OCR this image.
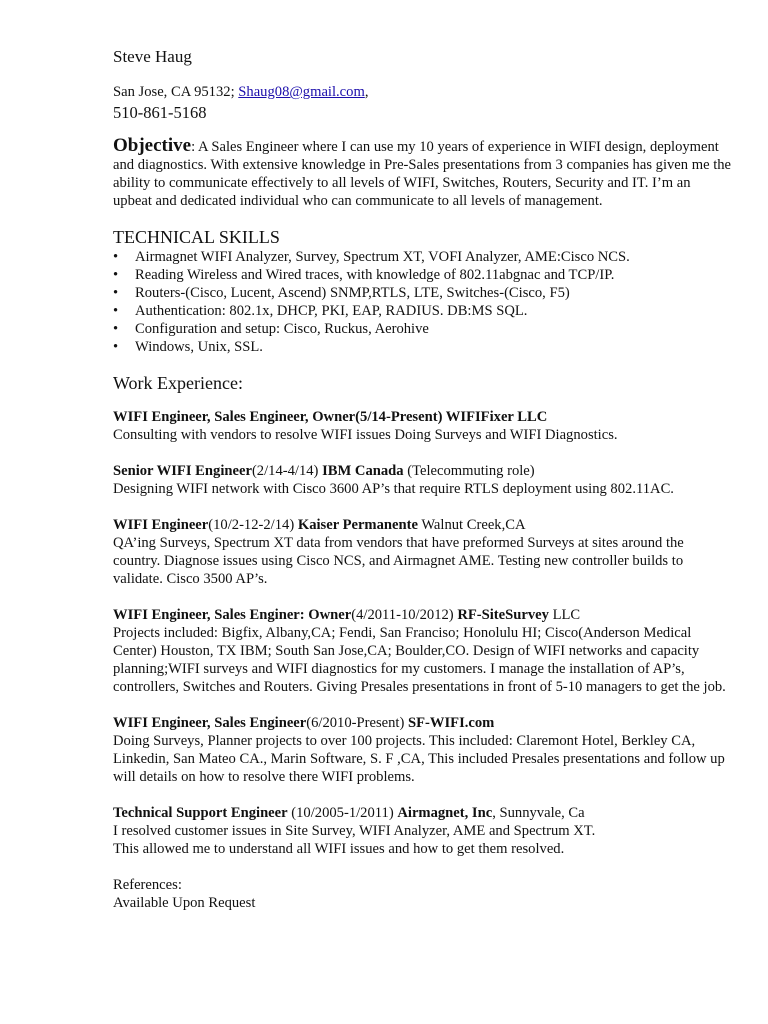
Steve Haug

San Jose, CA 95132; Shaug08@gmail.com,

510-861-5168

Objective: A Sales Engineer where I can use my 10 years of experience in WIFI design, deployment and diagnostics. With extensive knowledge in Pre-Sales presentations from 3 companies has given me the ability to communicate effectively to all levels of WIFI, Switches, Routers, Security and IT. I’m an upbeat and dedicated individual who can communicate to all levels of management.

TECHNICAL SKILLS
• Airmagnet WIFI Analyzer, Survey, Spectrum XT, VOFI Analyzer, AME:Cisco NCS.
• Reading Wireless and Wired traces, with knowledge of 802.11abgnac and TCP/IP.
• Routers-(Cisco, Lucent, Ascend) SNMP,RTLS, LTE, Switches-(Cisco, F5)
• Authentication: 802.1x, DHCP, PKI, EAP, RADIUS. DB:MS SQL.
• Configuration and setup: Cisco, Ruckus, Aerohive
• Windows, Unix, SSL.
Work Experience:

WIFI Engineer, Sales Engineer, Owner(5/14-Present) WIFIFixer LLC

Consulting with vendors to resolve WIFI issues Doing Surveys and WIFI Diagnostics.

Senior WIFI Engineer(2/14-4/14) IBM Canada (Telecommuting role)

Designing WIFI network with Cisco 3600 AP’s that require RTLS deployment using 802.11AC.

WIFI Engineer(10/2-12-2/14) Kaiser Permanente Walnut Creek,CA

QA’ing Surveys, Spectrum XT data from vendors that have preformed Surveys at sites around the country. Diagnose issues using Cisco NCS, and Airmagnet AME. Testing new controller builds to validate. Cisco 3500 AP’s.

WIFI Engineer, Sales Enginer: Owner(4/2011-10/2012) RF-SiteSurvey LLC

Projects included: Bigfix, Albany,CA; Fendi, San Franciso; Honolulu HI; Cisco(Anderson Medical Center) Houston, TX IBM; South San Jose,CA; Boulder,CO. Design of WIFI networks and capacity planning;WIFI surveys and WIFI diagnostics for my customers. I manage the installation of AP’s, controllers, Switches and Routers. Giving Presales presentations in front of 5-10 managers to get the job.

WIFI Engineer, Sales Engineer(6/2010-Present) SF-WIFI.com

Doing Surveys, Planner projects to over 100 projects. This included: Claremont Hotel, Berkley CA, Linkedin, San Mateo CA., Marin Software, S. F ,CA, This included Presales presentations and follow up will details on how to resolve there WIFI problems.

Technical Support Engineer (10/2005-1/2011) Airmagnet, Inc, Sunnyvale, Ca

I resolved customer issues in Site Survey, WIFI Analyzer, AME and Spectrum XT.
This allowed me to understand all WIFI issues and how to get them resolved.

References:

Available Upon Request
